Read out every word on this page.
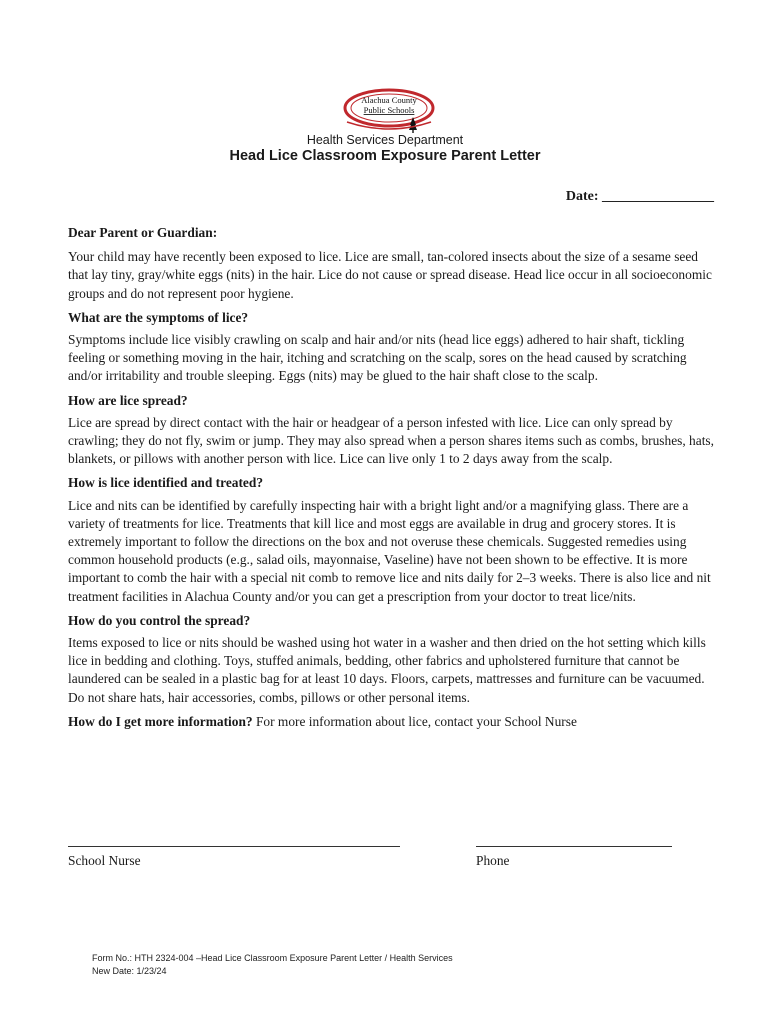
Alachua County
Public Schools
Health Services Department
Head Lice Classroom Exposure Parent Letter
Date: ________________

Dear Parent or Guardian:

Your child may have recently been exposed to lice. Lice are small, tan-colored insects about the size of a sesame seed that lay tiny, gray/white eggs (nits) in the hair. Lice do not cause or spread disease. Head lice occur in all socioeconomic groups and do not represent poor hygiene.

What are the symptoms of lice?

Symptoms include lice visibly crawling on scalp and hair and/or nits (head lice eggs) adhered to hair shaft, tickling feeling or something moving in the hair, itching and scratching on the scalp, sores on the head caused by scratching and/or irritability and trouble sleeping. Eggs (nits) may be glued to the hair shaft close to the scalp.

How are lice spread?

Lice are spread by direct contact with the hair or headgear of a person infested with lice. Lice can only spread by crawling; they do not fly, swim or jump. They may also spread when a person shares items such as combs, brushes, hats, blankets, or pillows with another person with lice. Lice can live only 1 to 2 days away from the scalp.

How is lice identified and treated?

Lice and nits can be identified by carefully inspecting hair with a bright light and/or a magnifying glass. There are a variety of treatments for lice. Treatments that kill lice and most eggs are available in drug and grocery stores. It is extremely important to follow the directions on the box and not overuse these chemicals. Suggested remedies using common household products (e.g., salad oils, mayonnaise, Vaseline) have not been shown to be effective. It is more important to comb the hair with a special nit comb to remove lice and nits daily for 2–3 weeks. There is also lice and nit treatment facilities in Alachua County and/or you can get a prescription from your doctor to treat lice/nits.

How do you control the spread?

Items exposed to lice or nits should be washed using hot water in a washer and then dried on the hot setting which kills lice in bedding and clothing. Toys, stuffed animals, bedding, other fabrics and upholstered furniture that cannot be laundered can be sealed in a plastic bag for at least 10 days. Floors, carpets, mattresses and furniture can be vacuumed. Do not share hats, hair accessories, combs, pillows or other personal items.

How do I get more information? For more information about lice, contact your School Nurse

School Nurse	Phone
Form No.: HTH 2324-004 –Head Lice Classroom Exposure Parent Letter / Health Services
New Date: 1/23/24
